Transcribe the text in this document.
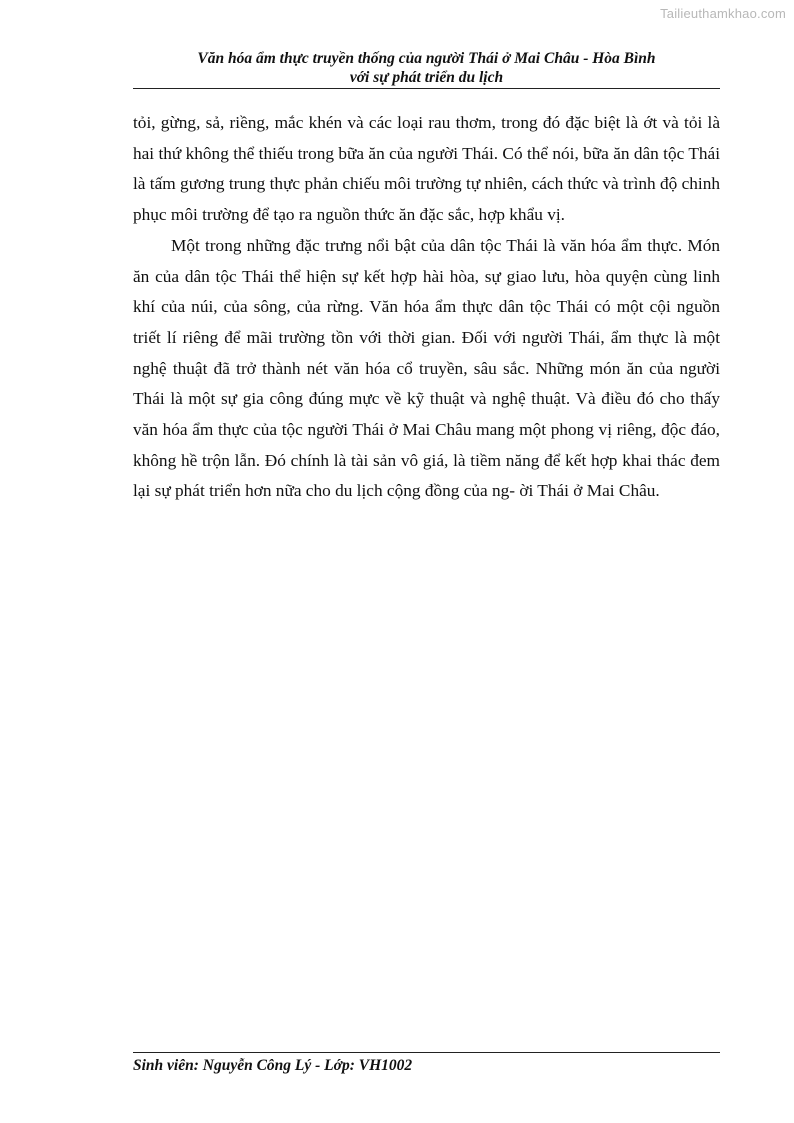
Tailieuthamkhao.com
Văn hóa ẩm thực truyền thống của người Thái ở Mai Châu - Hòa Bình
với sự phát triển du lịch

tỏi, gừng, sả, riềng, mắc khén và các loại rau thơm, trong đó đặc biệt là ớt và tỏi là hai thứ không thể thiếu trong bữa ăn của người Thái. Có thể nói, bữa ăn dân tộc Thái là tấm gương trung thực phản chiếu môi trường tự nhiên, cách thức và trình độ chinh phục môi trường để tạo ra nguồn thức ăn đặc sắc, hợp khẩu vị.

Một trong những đặc trưng nổi bật của dân tộc Thái là văn hóa ẩm thực. Món ăn của dân tộc Thái thể hiện sự kết hợp hài hòa, sự giao lưu, hòa quyện cùng linh khí của núi, của sông, của rừng. Văn hóa ẩm thực dân tộc Thái có một cội nguồn triết lí riêng để mãi trường tồn với thời gian. Đối với người Thái, ẩm thực là một nghệ thuật đã trở thành nét văn hóa cổ truyền, sâu sắc. Những món ăn của người Thái là một sự gia công đúng mực về kỹ thuật và nghệ thuật. Và điều đó cho thấy văn hóa ẩm thực của tộc người Thái ở Mai Châu mang một phong vị riêng, độc đáo, không hề trộn lẫn. Đó chính là tài sản vô giá, là tiềm năng để kết hợp khai thác đem lại sự phát triển hơn nữa cho du lịch cộng đồng của ng- ời Thái ở Mai Châu.

Sinh viên: Nguyễn Công Lý - Lớp: VH1002
